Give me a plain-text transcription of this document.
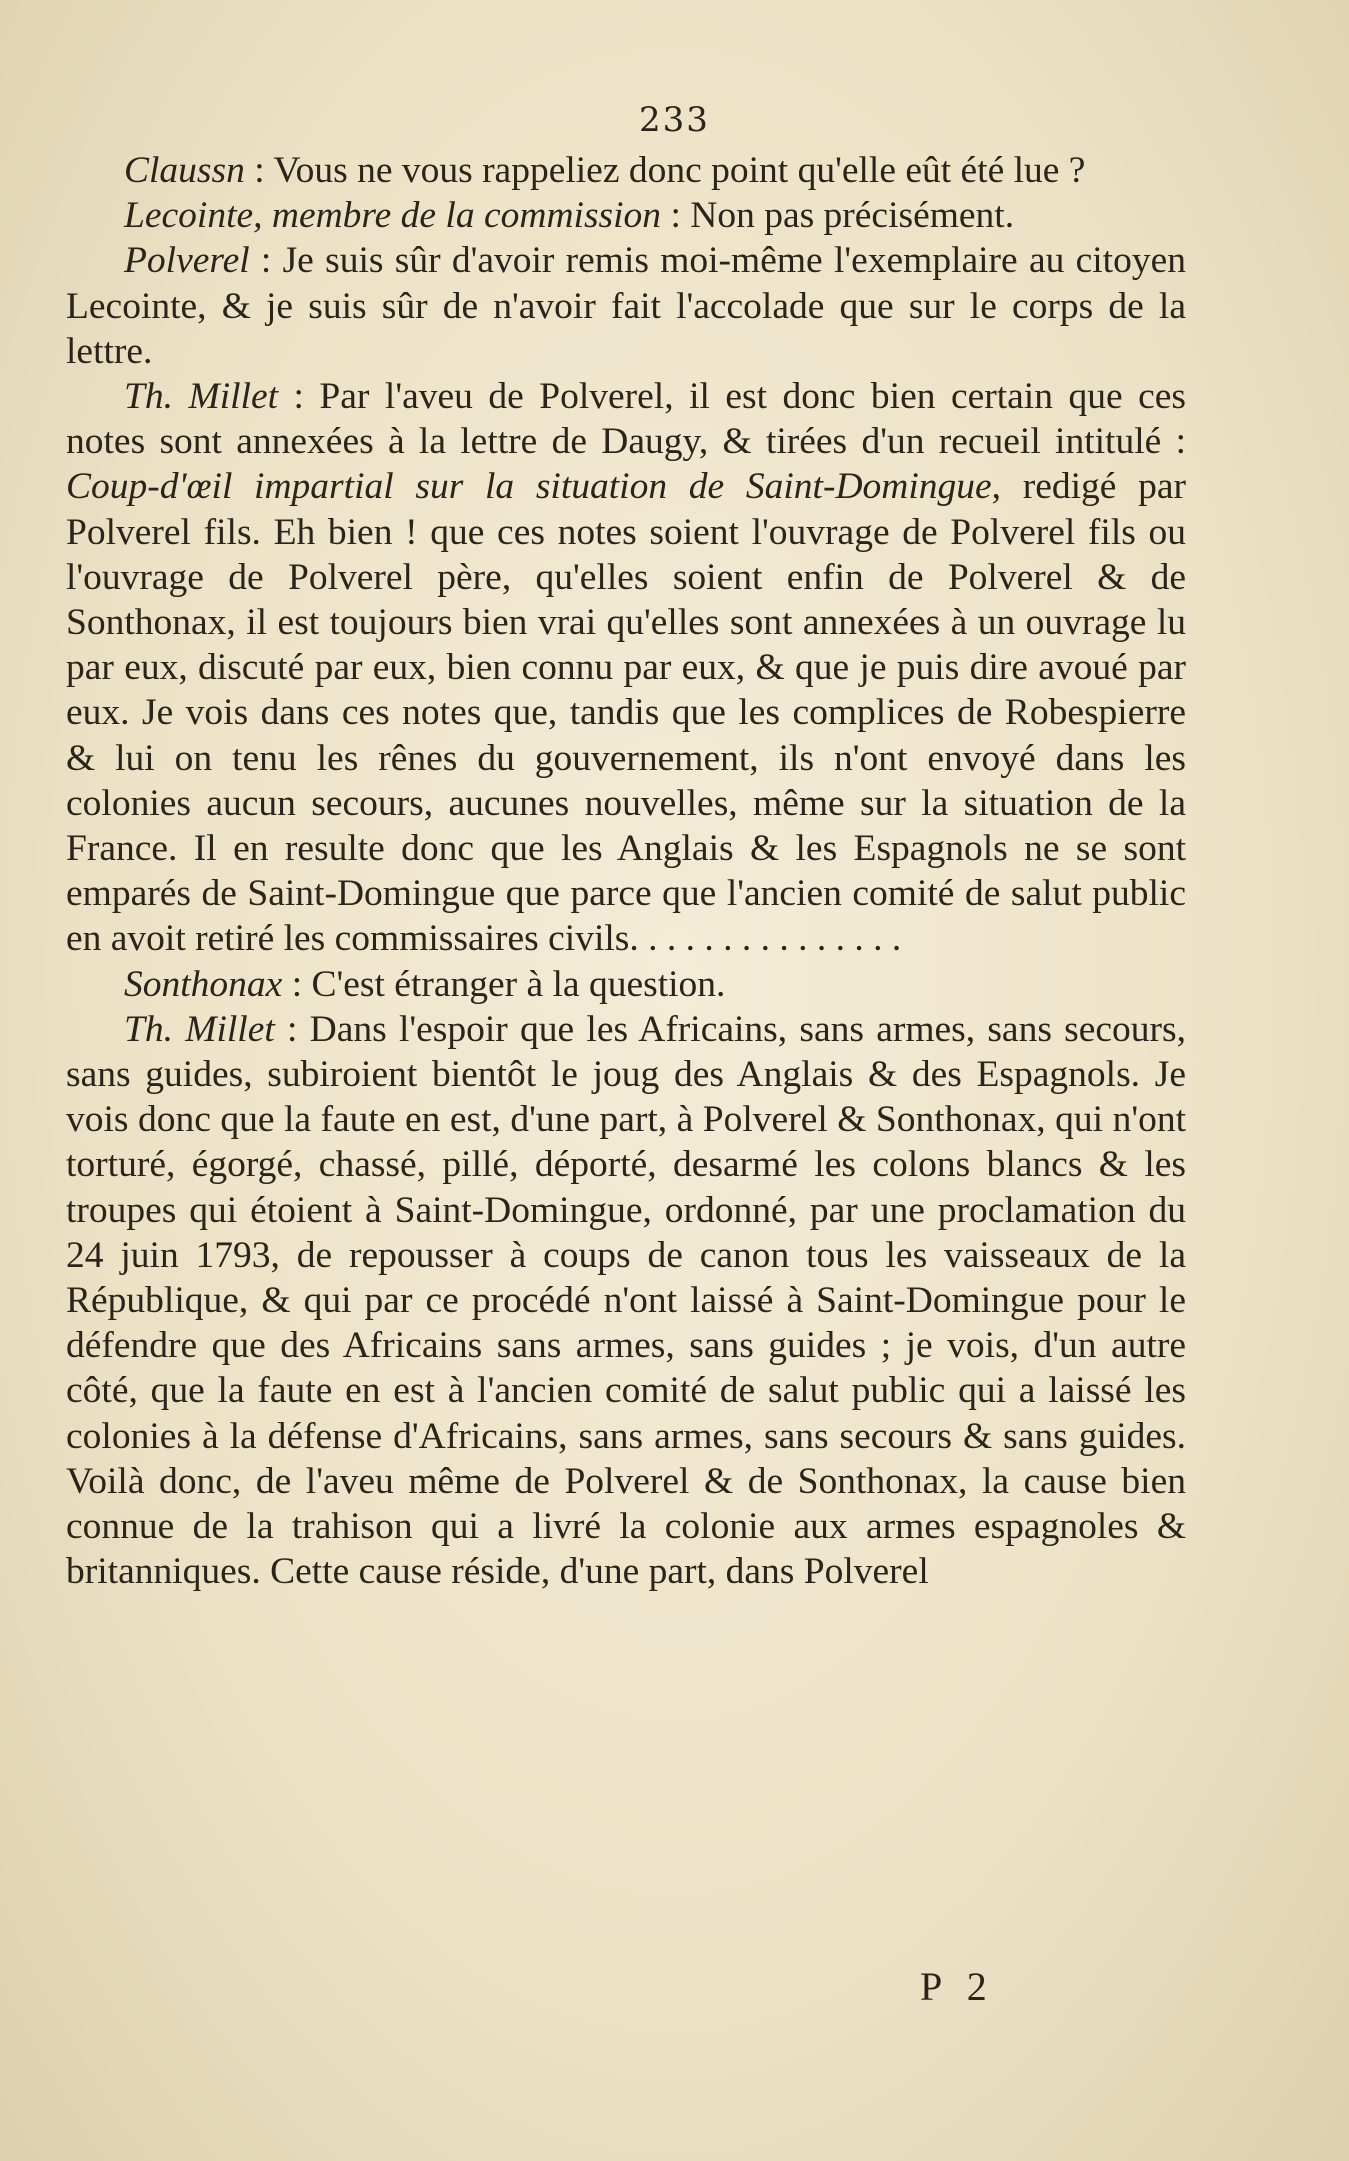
233

Claussn : Vous ne vous rappeliez donc point qu'elle eût été lue ?

Lecointe, membre de la commission : Non pas précisément.

Polverel : Je suis sûr d'avoir remis moi-même l'exemplaire au citoyen Lecointe, & je suis sûr de n'avoir fait l'accolade que sur le corps de la lettre.

Th. Millet : Par l'aveu de Polverel, il est donc bien certain que ces notes sont annexées à la lettre de Daugy, & tirées d'un recueil intitulé : Coup-d'œil impartial sur la situation de Saint-Domingue, redigé par Polverel fils. Eh bien ! que ces notes soient l'ouvrage de Polverel fils ou l'ouvrage de Polverel père, qu'elles soient enfin de Polverel & de Sonthonax, il est toujours bien vrai qu'elles sont annexées à un ouvrage lu par eux, discuté par eux, bien connu par eux, & que je puis dire avoué par eux. Je vois dans ces notes que, tandis que les complices de Robespierre & lui on tenu les rênes du gouvernement, ils n'ont envoyé dans les colonies aucun secours, aucunes nouvelles, même sur la situation de la France. Il en resulte donc que les Anglais & les Espagnols ne se sont emparés de Saint-Domingue que parce que l'ancien comité de salut public en avoit retiré les commissaires civils. . . . . . . . . . . . . . .

Sonthonax : C'est étranger à la question.

Th. Millet : Dans l'espoir que les Africains, sans armes, sans secours, sans guides, subiroient bientôt le joug des Anglais & des Espagnols. Je vois donc que la faute en est, d'une part, à Polverel & Sonthonax, qui n'ont torturé, égorgé, chassé, pillé, déporté, desarmé les colons blancs & les troupes qui étoient à Saint-Domingue, ordonné, par une proclamation du 24 juin 1793, de repousser à coups de canon tous les vaisseaux de la République, & qui par ce procédé n'ont laissé à Saint-Domingue pour le défendre que des Africains sans armes, sans guides ; je vois, d'un autre côté, que la faute en est à l'ancien comité de salut public qui a laissé les colonies à la défense d'Africains, sans armes, sans secours & sans guides. Voilà donc, de l'aveu même de Polverel & de Sonthonax, la cause bien connue de la trahison qui a livré la colonie aux armes espagnoles & britanniques. Cette cause réside, d'une part, dans Polverel

P 2
